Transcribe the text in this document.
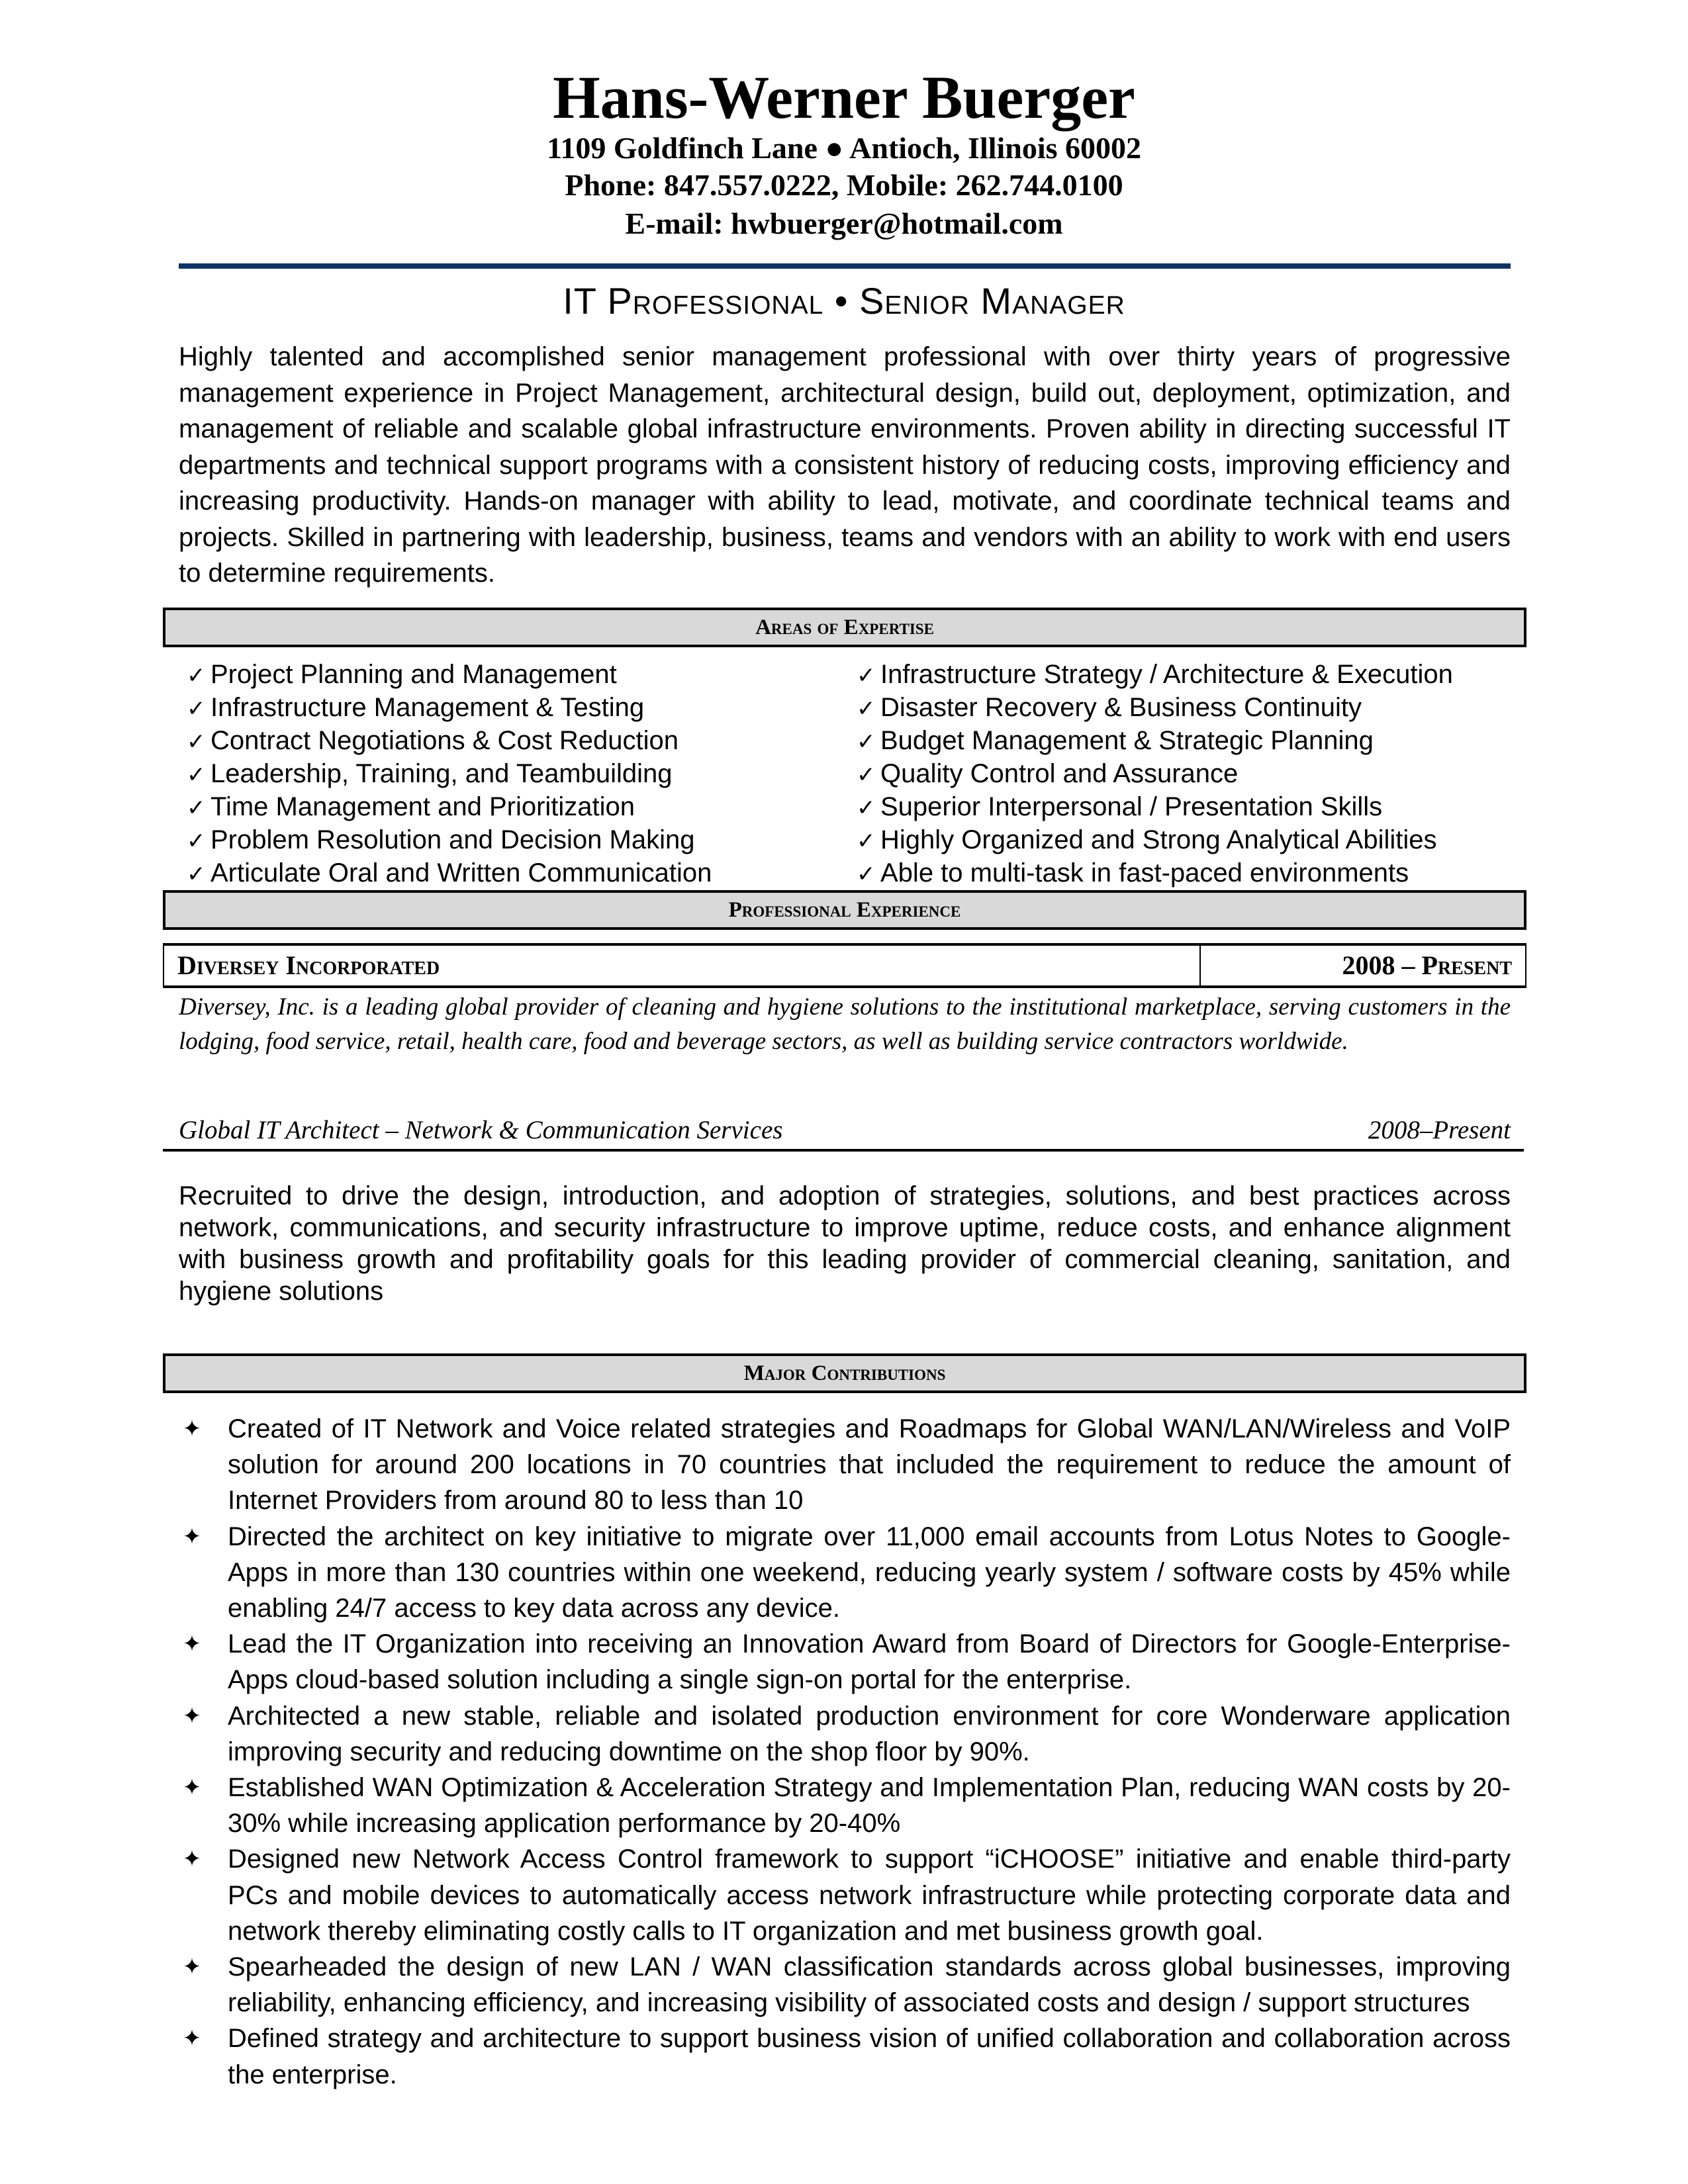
Hans-Werner Buerger
1109 Goldfinch Lane ● Antioch, Illinois 60002
Phone: 847.557.0222, Mobile: 262.744.0100
E-mail: hwbuerger@hotmail.com
IT Professional • Senior Manager
Highly talented and accomplished senior management professional with over thirty years of progressive management experience in Project Management, architectural design, build out, deployment, optimization, and management of reliable and scalable global infrastructure environments. Proven ability in directing successful IT departments and technical support programs with a consistent history of reducing costs, improving efficiency and increasing productivity. Hands-on manager with ability to lead, motivate, and coordinate technical teams and projects. Skilled in partnering with leadership, business, teams and vendors with an ability to work with end users to determine requirements.
Areas of Expertise
✓ Project Planning and Management
✓ Infrastructure Management & Testing
✓ Contract Negotiations & Cost Reduction
✓ Leadership, Training, and Teambuilding
✓ Time Management and Prioritization
✓ Problem Resolution and Decision Making
✓ Articulate Oral and Written Communication
✓ Infrastructure Strategy / Architecture & Execution
✓ Disaster Recovery & Business Continuity
✓ Budget Management & Strategic Planning
✓ Quality Control and Assurance
✓ Superior Interpersonal / Presentation Skills
✓ Highly Organized and Strong Analytical Abilities
✓ Able to multi-task in fast-paced environments
Professional Experience
Diversey Incorporated	2008 – Present
Diversey, Inc. is a leading global provider of cleaning and hygiene solutions to the institutional marketplace, serving customers in the lodging, food service, retail, health care, food and beverage sectors, as well as building service contractors worldwide.
Global IT Architect – Network & Communication Services	2008–Present
Recruited to drive the design, introduction, and adoption of strategies, solutions, and best practices across network, communications, and security infrastructure to improve uptime, reduce costs, and enhance alignment with business growth and profitability goals for this leading provider of commercial cleaning, sanitation, and hygiene solutions
Major Contributions
✦ Created of IT Network and Voice related strategies and Roadmaps for Global WAN/LAN/Wireless and VoIP solution for around 200 locations in 70 countries that included the requirement to reduce the amount of Internet Providers from around 80 to less than 10
✦ Directed the architect on key initiative to migrate over 11,000 email accounts from Lotus Notes to Google-Apps in more than 130 countries within one weekend, reducing yearly system / software costs by 45% while enabling 24/7 access to key data across any device.
✦ Lead the IT Organization into receiving an Innovation Award from Board of Directors for Google-Enterprise-Apps cloud-based solution including a single sign-on portal for the enterprise.
✦ Architected a new stable, reliable and isolated production environment for core Wonderware application improving security and reducing downtime on the shop floor by 90%.
✦ Established WAN Optimization & Acceleration Strategy and Implementation Plan, reducing WAN costs by 20-30% while increasing application performance by 20-40%
✦ Designed new Network Access Control framework to support “iCHOOSE” initiative and enable third-party PCs and mobile devices to automatically access network infrastructure while protecting corporate data and network thereby eliminating costly calls to IT organization and met business growth goal.
✦ Spearheaded the design of new LAN / WAN classification standards across global businesses, improving reliability, enhancing efficiency, and increasing visibility of associated costs and design / support structures
✦ Defined strategy and architecture to support business vision of unified collaboration and collaboration across the enterprise.
